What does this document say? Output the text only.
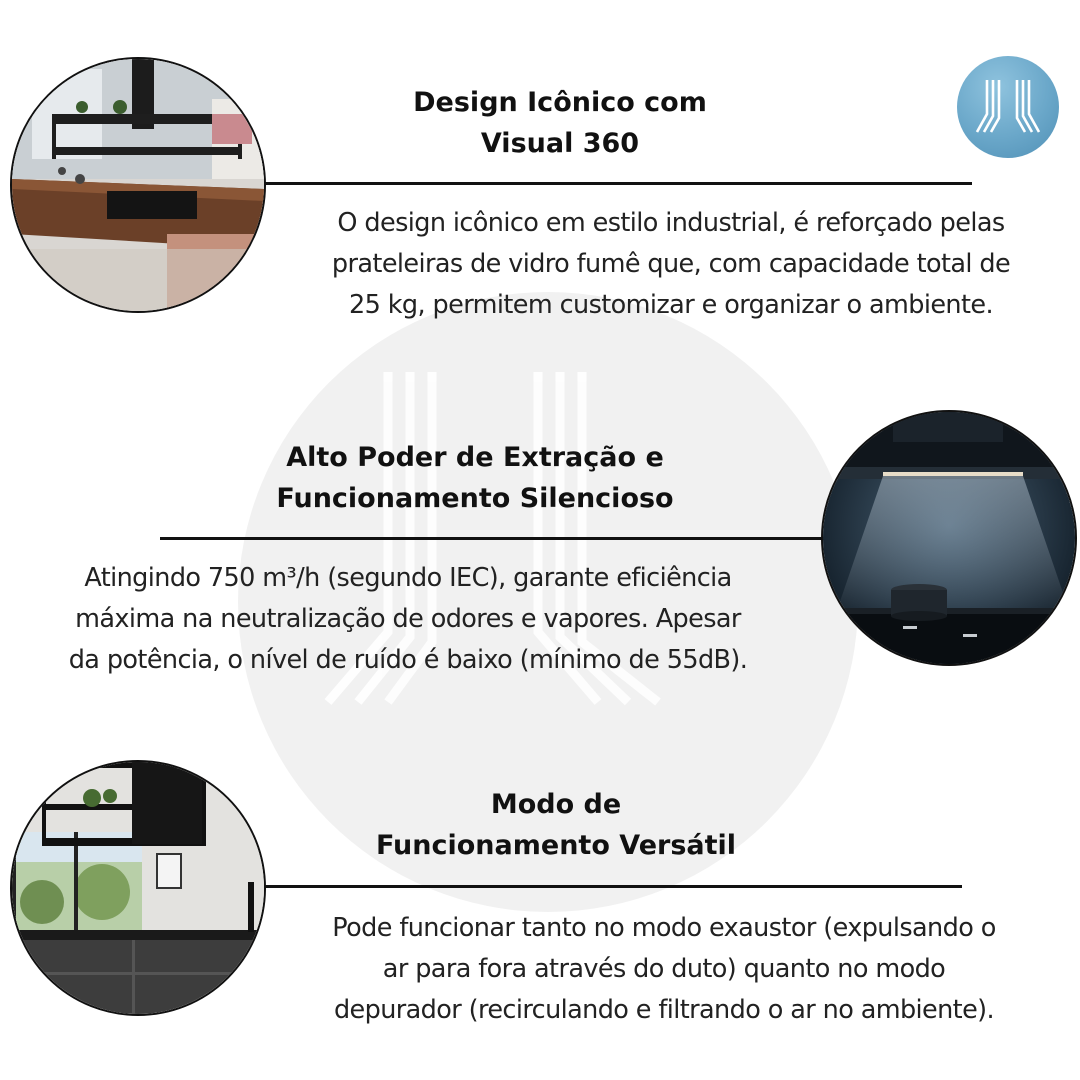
Design Icônico com
Visual 360

O design icônico em estilo industrial, é reforçado pelas
prateleiras de vidro fumê que, com capacidade total de
25 kg, permitem customizar e organizar o ambiente.

Alto Poder de Extração e
Funcionamento Silencioso

Atingindo 750 m³/h (segundo IEC), garante eficiência
máxima na neutralização de odores e vapores. Apesar
da potência, o nível de ruído é baixo (mínimo de 55dB).

Modo de
Funcionamento Versátil

Pode funcionar tanto no modo exaustor (expulsando o
ar para fora através do duto) quanto no modo
depurador (recirculando e filtrando o ar no ambiente).
